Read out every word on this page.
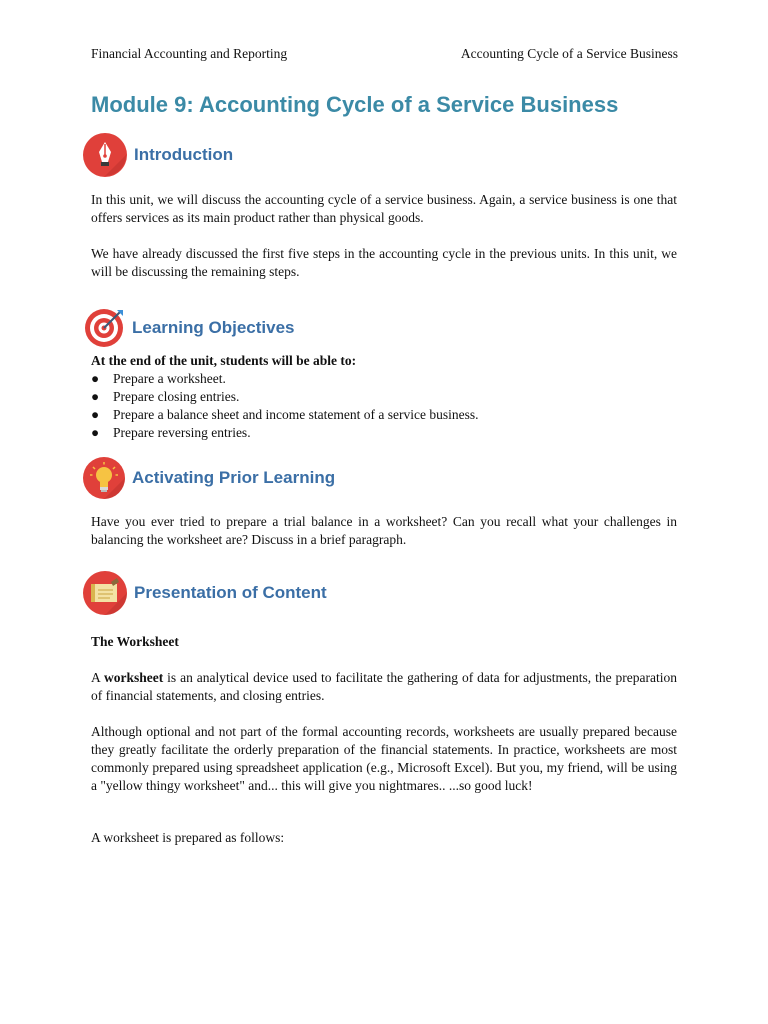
Financial Accounting and Reporting	Accounting Cycle of a Service Business
Module 9: Accounting Cycle of a Service Business
Introduction

In this unit, we will discuss the accounting cycle of a service business. Again, a service business is one that offers services as its main product rather than physical goods.

We have already discussed the first five steps in the accounting cycle in the previous units. In this unit, we will be discussing the remaining steps.

Learning Objectives

At the end of the unit, students will be able to:

●	Prepare a worksheet.
●	Prepare closing entries.
●	Prepare a balance sheet and income statement of a service business.
●	Prepare reversing entries.
Activating Prior Learning

Have you ever tried to prepare a trial balance in a worksheet? Can you recall what your challenges in balancing the worksheet are? Discuss in a brief paragraph.

Presentation of Content

The Worksheet

A worksheet is an analytical device used to facilitate the gathering of data for adjustments, the preparation of financial statements, and closing entries.

Although optional and not part of the formal accounting records, worksheets are usually prepared because they greatly facilitate the orderly preparation of the financial statements. In practice, worksheets are most commonly prepared using spreadsheet application (e.g., Microsoft Excel). But you, my friend, will be using a "yellow thingy worksheet" and... this will give you nightmares.. ...so good luck!

A worksheet is prepared as follows:
